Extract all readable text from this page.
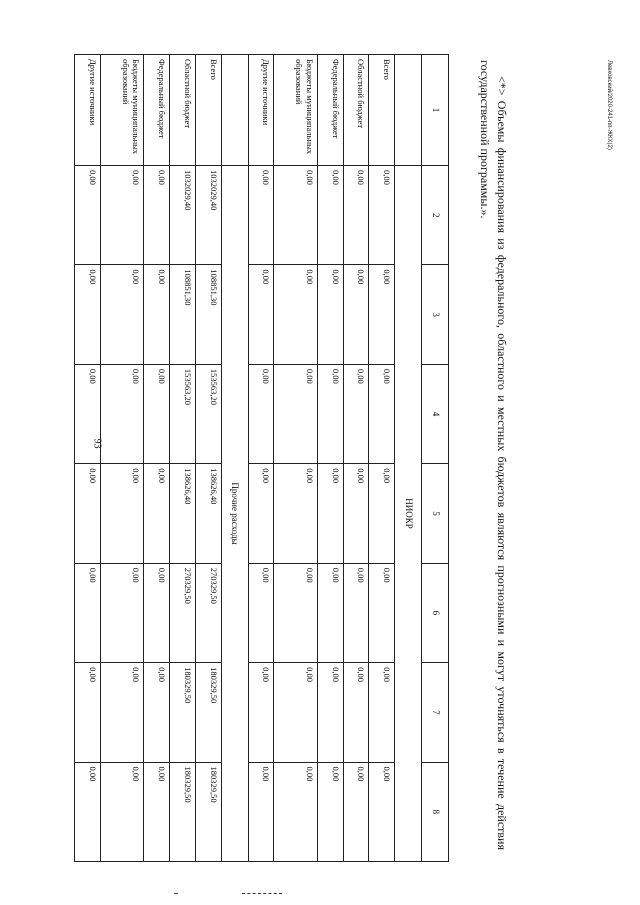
93
1	2	3	4	5	6	7	8
	НИОКР						
Всего	0,00	0,00	0,00	0,00	0,00	0,00	0,00
Областной бюджет	0,00	0,00	0,00	0,00	0,00	0,00	0,00
Федеральный бюджет	0,00	0,00	0,00	0,00	0,00	0,00	0,00
Бюджеты муниципальных образований	0,00	0,00	0,00	0,00	0,00	0,00	0,00
Другие источники	0,00	0,00	0,00	0,00	0,00	0,00	0,00
	Прочие расходы						
Всего	1032029,40	108851,30	153563,20	138626,40	270329,50	180329,50	180329,50
Областной бюджет	1032029,40	108851,30	153563,20	138626,40	270329,50	180329,50	180329,50
Федеральный бюджет	0,00	0,00	0,00	0,00	0,00	0,00	0,00
Бюджеты муниципальных образований	0,00	0,00	0,00	0,00	0,00	0,00	0,00
Другие источники	0,00	0,00	0,00	0,00	0,00	0,00	0,00	<*> Объемы финансирования из федерального, областного и местных бюджетов являются прогнозными и могут уточняться в течение действия государственной программы.».	Левковский/2020-241-пп-ЖКХ(2)
